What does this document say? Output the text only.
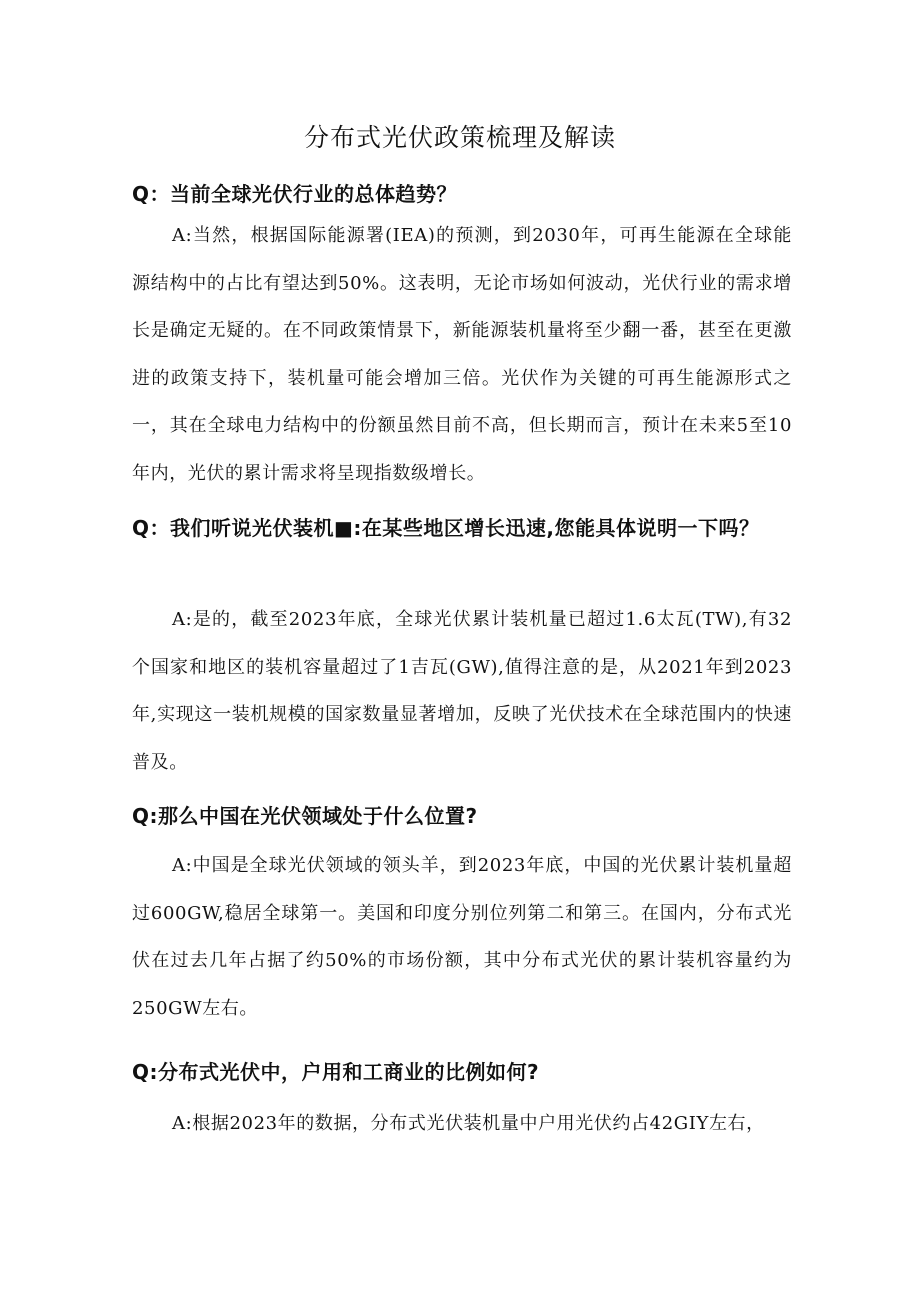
分布式光伏政策梳理及解读
Q：当前全球光伏行业的总体趋势？
A:当然，根据国际能源署(IEA)的预测，到2030年，可再生能源在全球能源结构中的占比有望达到50%。这表明，无论市场如何波动，光伏行业的需求增长是确定无疑的。在不同政策情景下，新能源装机量将至少翻一番，甚至在更激进的政策支持下，装机量可能会增加三倍。光伏作为关键的可再生能源形式之一，其在全球电力结构中的份额虽然目前不高，但长期而言，预计在未来5至10年内，光伏的累计需求将呈现指数级增长。
Q：我们听说光伏装机■:在某些地区增长迅速,您能具体说明一下吗？
A:是的，截至2023年底，全球光伏累计装机量已超过1.6太瓦(TW),有32个国家和地区的装机容量超过了1吉瓦(GW),值得注意的是，从2021年到2023年,实现这一装机规模的国家数量显著增加，反映了光伏技术在全球范围内的快速普及。
Q:那么中国在光伏领域处于什么位置?
A:中国是全球光伏领域的领头羊，到2023年底，中国的光伏累计装机量超过600GW,稳居全球第一。美国和印度分别位列第二和第三。在国内，分布式光伏在过去几年占据了约50%的市场份额，其中分布式光伏的累计装机容量约为250GW左右。
Q:分布式光伏中，户用和工商业的比例如何?
A:根据2023年的数据，分布式光伏装机量中户用光伏约占42GIY左右，
